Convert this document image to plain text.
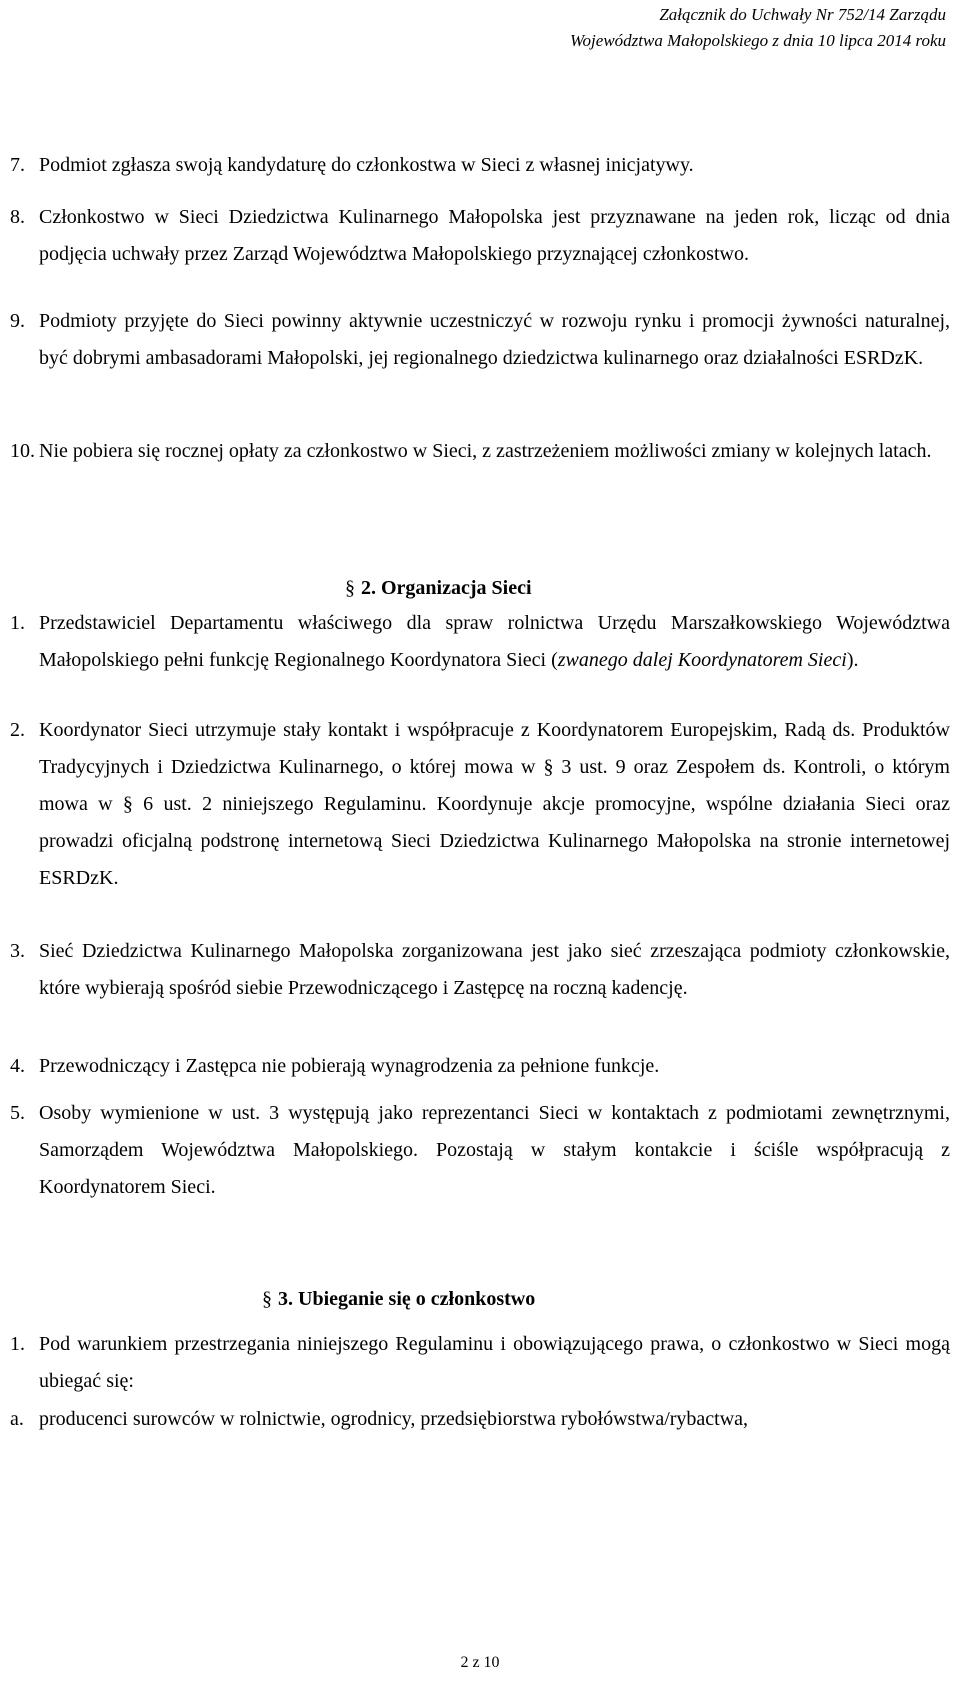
Załącznik do Uchwały Nr 752/14 Zarządu
Województwa Małopolskiego z dnia 10 lipca 2014 roku
7. Podmiot zgłasza swoją kandydaturę do członkostwa w Sieci z własnej inicjatywy.
8. Członkostwo w Sieci Dziedzictwa Kulinarnego Małopolska jest przyznawane na jeden rok, licząc od dnia podjęcia uchwały przez Zarząd Województwa Małopolskiego przyznającej członkostwo.
9. Podmioty przyjęte do Sieci powinny aktywnie uczestniczyć w rozwoju rynku i promocji żywności naturalnej, być dobrymi ambasadorami Małopolski, jej regionalnego dziedzictwa kulinarnego oraz działalności ESRDzK.
10. Nie pobiera się rocznej opłaty za członkostwo w Sieci, z zastrzeżeniem możliwości zmiany w kolejnych latach.
§ 2. Organizacja Sieci
1. Przedstawiciel Departamentu właściwego dla spraw rolnictwa Urzędu Marszałkowskiego Województwa Małopolskiego pełni funkcję Regionalnego Koordynatora Sieci (zwanego dalej Koordynatorem Sieci).
2. Koordynator Sieci utrzymuje stały kontakt i współpracuje z Koordynatorem Europejskim, Radą ds. Produktów Tradycyjnych i Dziedzictwa Kulinarnego, o której mowa w § 3 ust. 9 oraz Zespołem ds. Kontroli, o którym mowa w § 6 ust. 2 niniejszego Regulaminu. Koordynuje akcje promocyjne, wspólne działania Sieci oraz prowadzi oficjalną podstronę internetową Sieci Dziedzictwa Kulinarnego Małopolska na stronie internetowej ESRDzK.
3. Sieć Dziedzictwa Kulinarnego Małopolska zorganizowana jest jako sieć zrzeszająca podmioty członkowskie, które wybierają spośród siebie Przewodniczącego i Zastępcę na roczną kadencję.
4. Przewodniczący i Zastępca nie pobierają wynagrodzenia za pełnione funkcje.
5. Osoby wymienione w ust. 3 występują jako reprezentanci Sieci w kontaktach z podmiotami zewnętrznymi, Samorządem Województwa Małopolskiego. Pozostają w stałym kontakcie i ściśle współpracują z Koordynatorem Sieci.
§ 3. Ubieganie się o członkostwo
1. Pod warunkiem przestrzegania niniejszego Regulaminu i obowiązującego prawa, o członkostwo w Sieci mogą ubiegać się:
a. producenci surowców w rolnictwie, ogrodnicy, przedsiębiorstwa rybołówstwa/rybactwa,
2 z 10
